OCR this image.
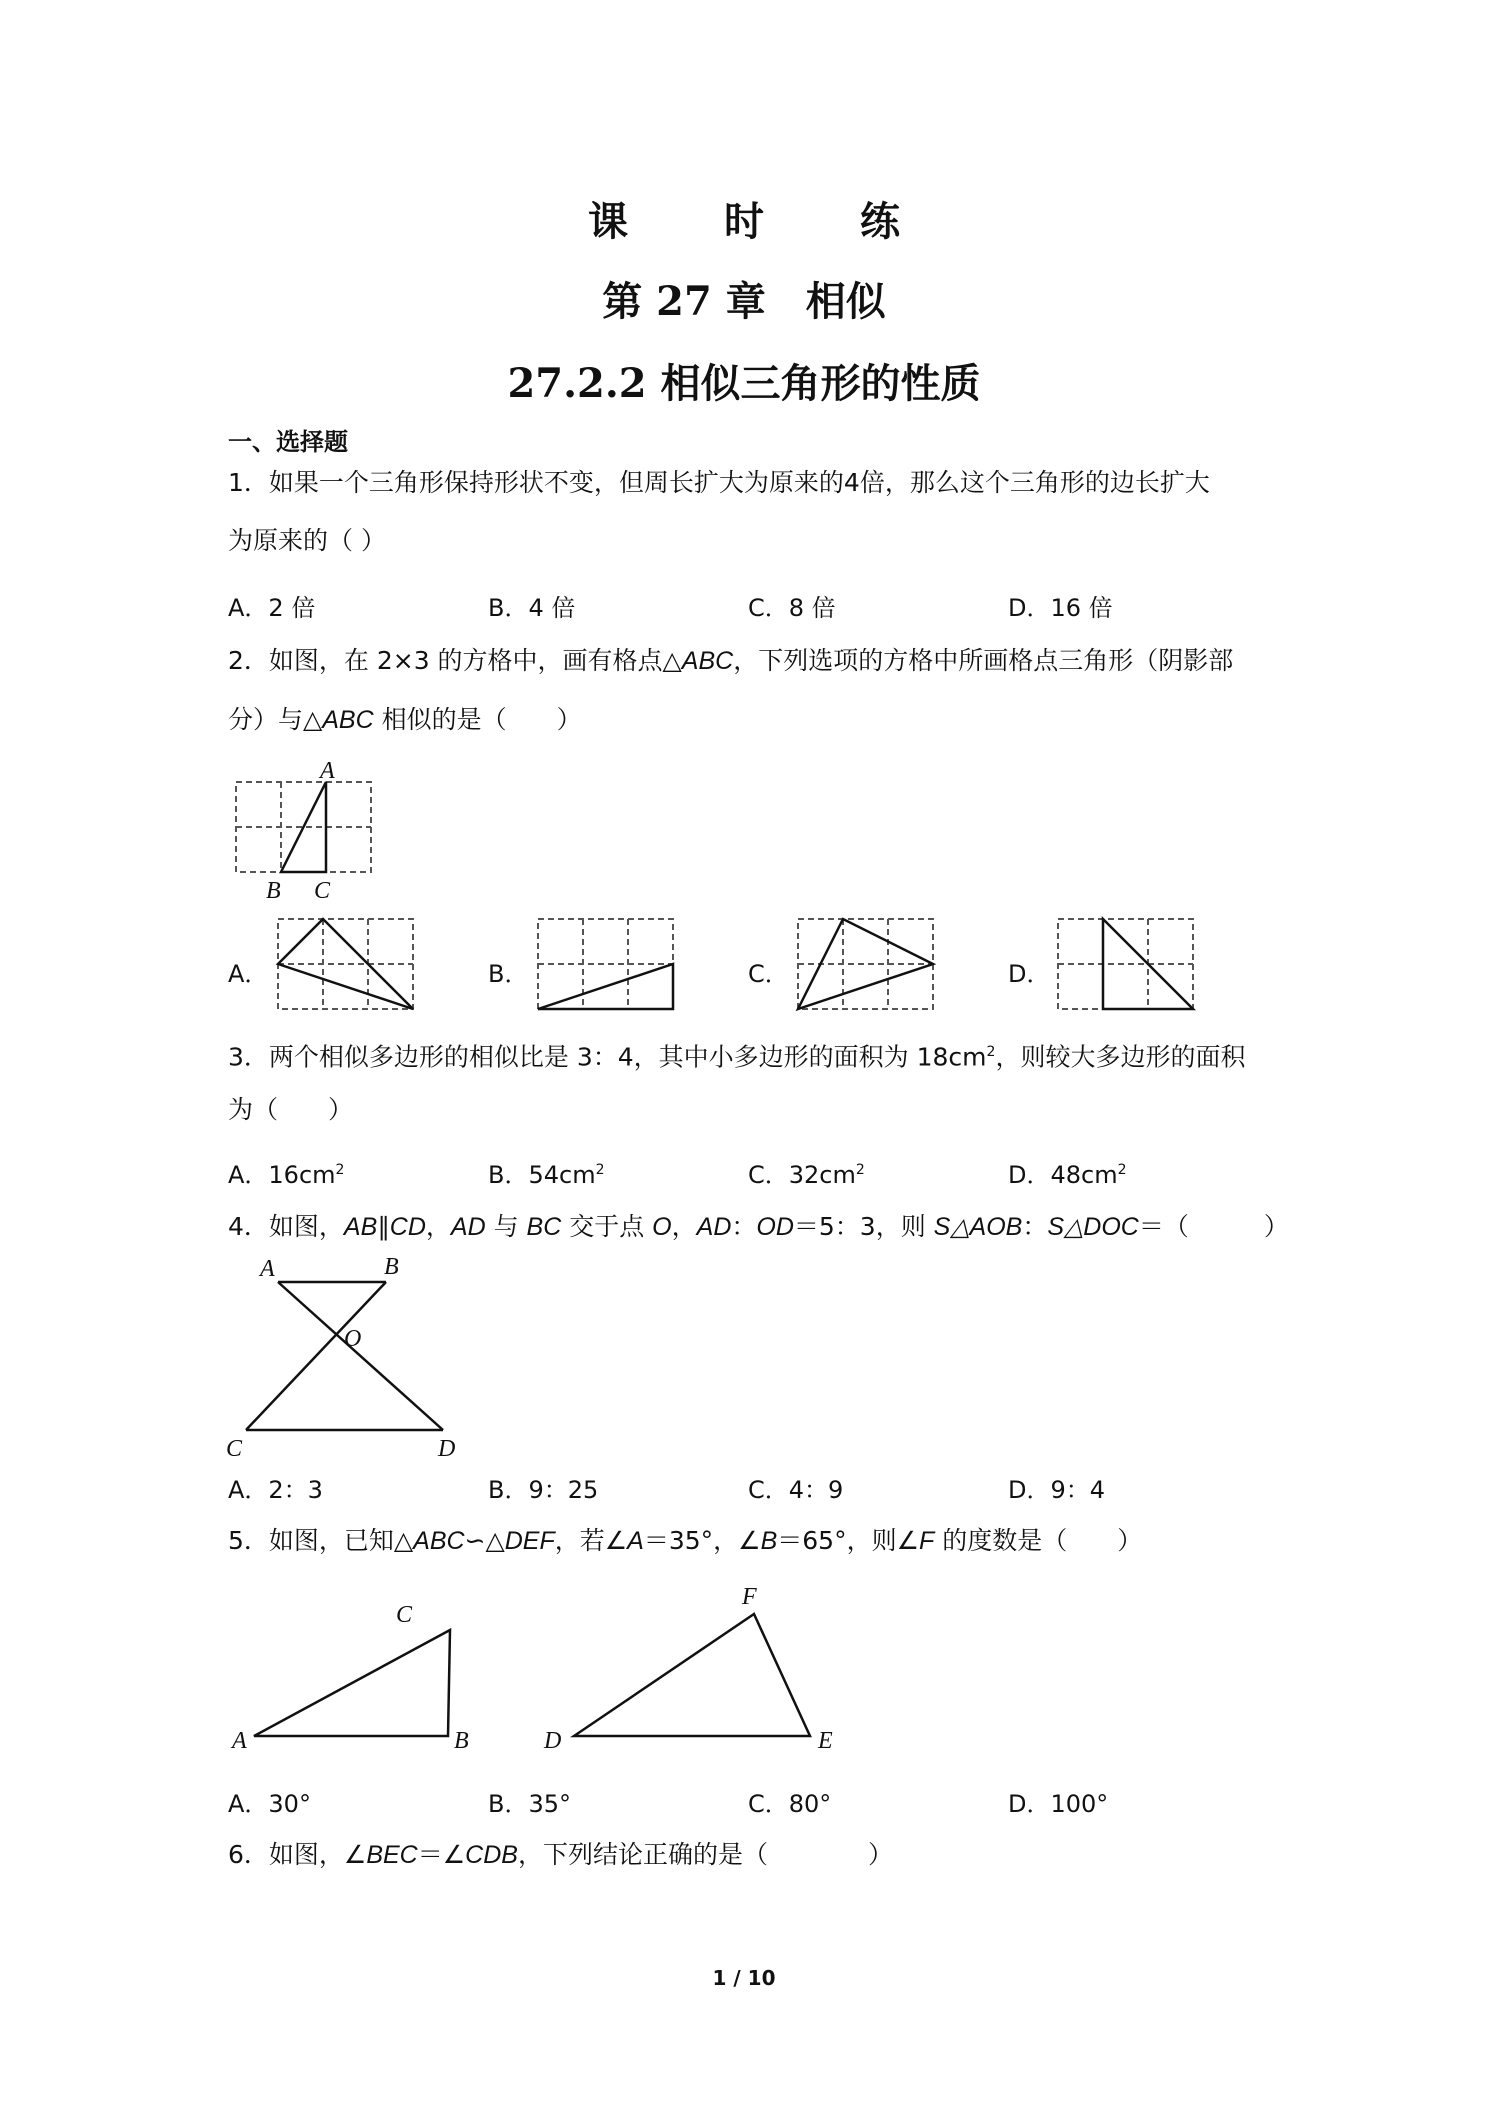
课　时　练
第 27 章　相似
27.2.2 相似三角形的性质
一、选择题
1．如果一个三角形保持形状不变，但周长扩大为原来的4倍，那么这个三角形的边长扩大
为原来的（ ）
A．2 倍	B．4 倍	C．8 倍	D．16 倍
2．如图，在 2×3 的方格中，画有格点△ABC，下列选项的方格中所画格点三角形（阴影部
分）与△ABC 相似的是（　　）
A
B C
A．	B．	C．	D．
3．两个相似多边形的相似比是 3：4，其中小多边形的面积为 $18cm^2$，则较大多边形的面积
为（　　）
A．$16cm^2$	B．$54cm^2$	C．$32cm^2$	D．$48cm^2$
4．如图，AB∥CD，AD 与 BC 交于点 O，AD：OD＝5：3，则 S△AOB：S△DOC＝（　　　）
A	B
O
C	D
A．2：3	B．9：25	C．4：9	D．9：4
5．如图，已知△ABC∽△DEF，若∠A＝35°，∠B＝65°，则∠F 的度数是（　　）
A	B
C
D	E
F
A．30°	B．35°	C．80°	D．100°
6．如图，∠BEC＝∠CDB，下列结论正确的是（　　　　）
1 / 10
